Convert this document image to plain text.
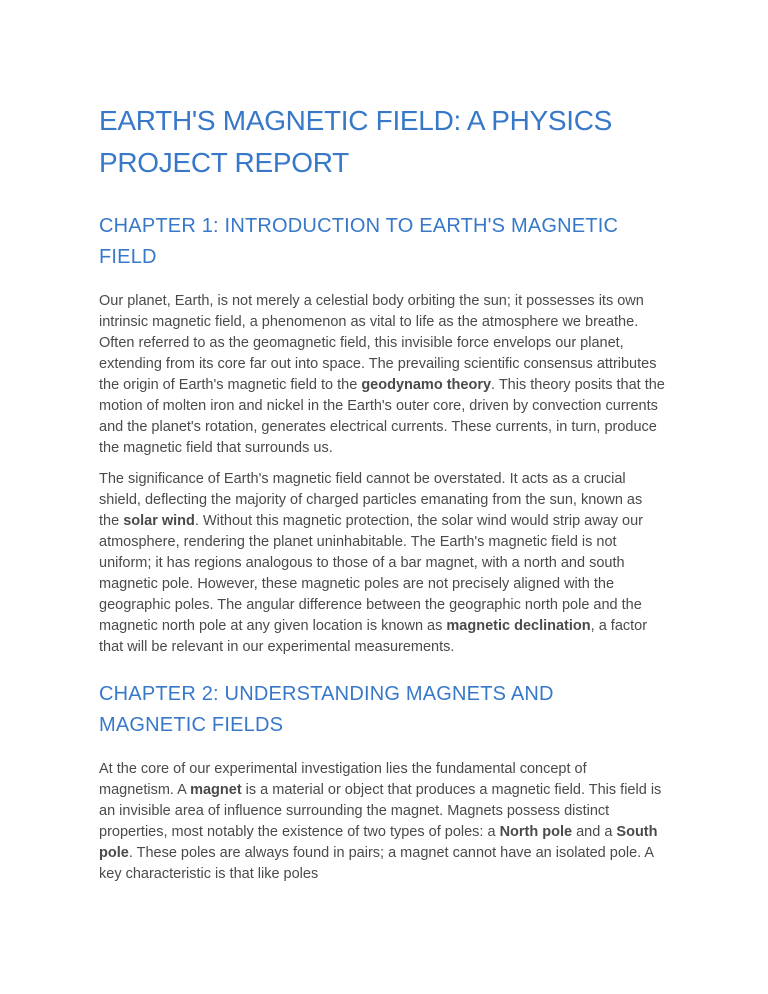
EARTH'S MAGNETIC FIELD: A PHYSICS PROJECT REPORT
CHAPTER 1: INTRODUCTION TO EARTH'S MAGNETIC FIELD

Our planet, Earth, is not merely a celestial body orbiting the sun; it possesses its own intrinsic magnetic field, a phenomenon as vital to life as the atmosphere we breathe. Often referred to as the geomagnetic field, this invisible force envelops our planet, extending from its core far out into space. The prevailing scientific consensus attributes the origin of Earth's magnetic field to the geodynamo theory. This theory posits that the motion of molten iron and nickel in the Earth's outer core, driven by convection currents and the planet's rotation, generates electrical currents. These currents, in turn, produce the magnetic field that surrounds us.

The significance of Earth's magnetic field cannot be overstated. It acts as a crucial shield, deflecting the majority of charged particles emanating from the sun, known as the solar wind. Without this magnetic protection, the solar wind would strip away our atmosphere, rendering the planet uninhabitable. The Earth's magnetic field is not uniform; it has regions analogous to those of a bar magnet, with a north and south magnetic pole. However, these magnetic poles are not precisely aligned with the geographic poles. The angular difference between the geographic north pole and the magnetic north pole at any given location is known as magnetic declination, a factor that will be relevant in our experimental measurements.

CHAPTER 2: UNDERSTANDING MAGNETS AND MAGNETIC FIELDS

At the core of our experimental investigation lies the fundamental concept of magnetism. A magnet is a material or object that produces a magnetic field. This field is an invisible area of influence surrounding the magnet. Magnets possess distinct properties, most notably the existence of two types of poles: a North pole and a South pole. These poles are always found in pairs; a magnet cannot have an isolated pole. A key characteristic is that like poles
